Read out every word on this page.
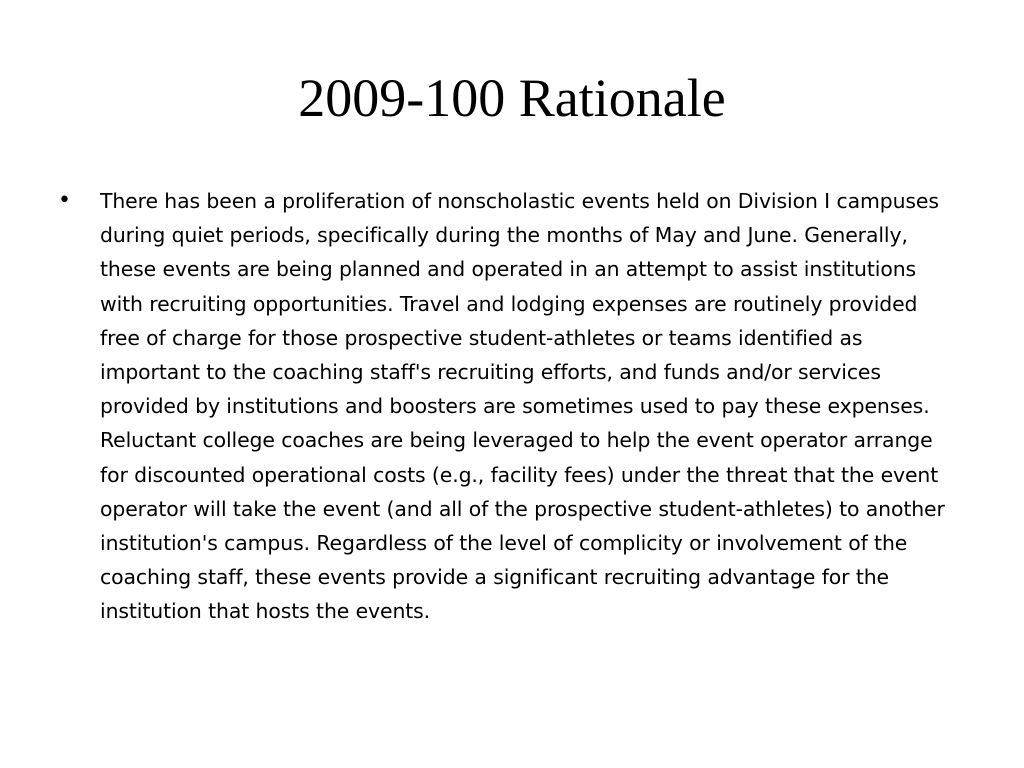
2009-100 Rationale
•	There has been a proliferation of nonscholastic events held on Division I campuses during quiet periods, specifically during the months of May and June. Generally, these events are being planned and operated in an attempt to assist institutions with recruiting opportunities. Travel and lodging expenses are routinely provided free of charge for those prospective student-athletes or teams identified as important to the coaching staff's recruiting efforts, and funds and/or services provided by institutions and boosters are sometimes used to pay these expenses. Reluctant college coaches are being leveraged to help the event operator arrange for discounted operational costs (e.g., facility fees) under the threat that the event operator will take the event (and all of the prospective student-athletes) to another institution's campus. Regardless of the level of complicity or involvement of the coaching staff, these events provide a significant recruiting advantage for the institution that hosts the events.
